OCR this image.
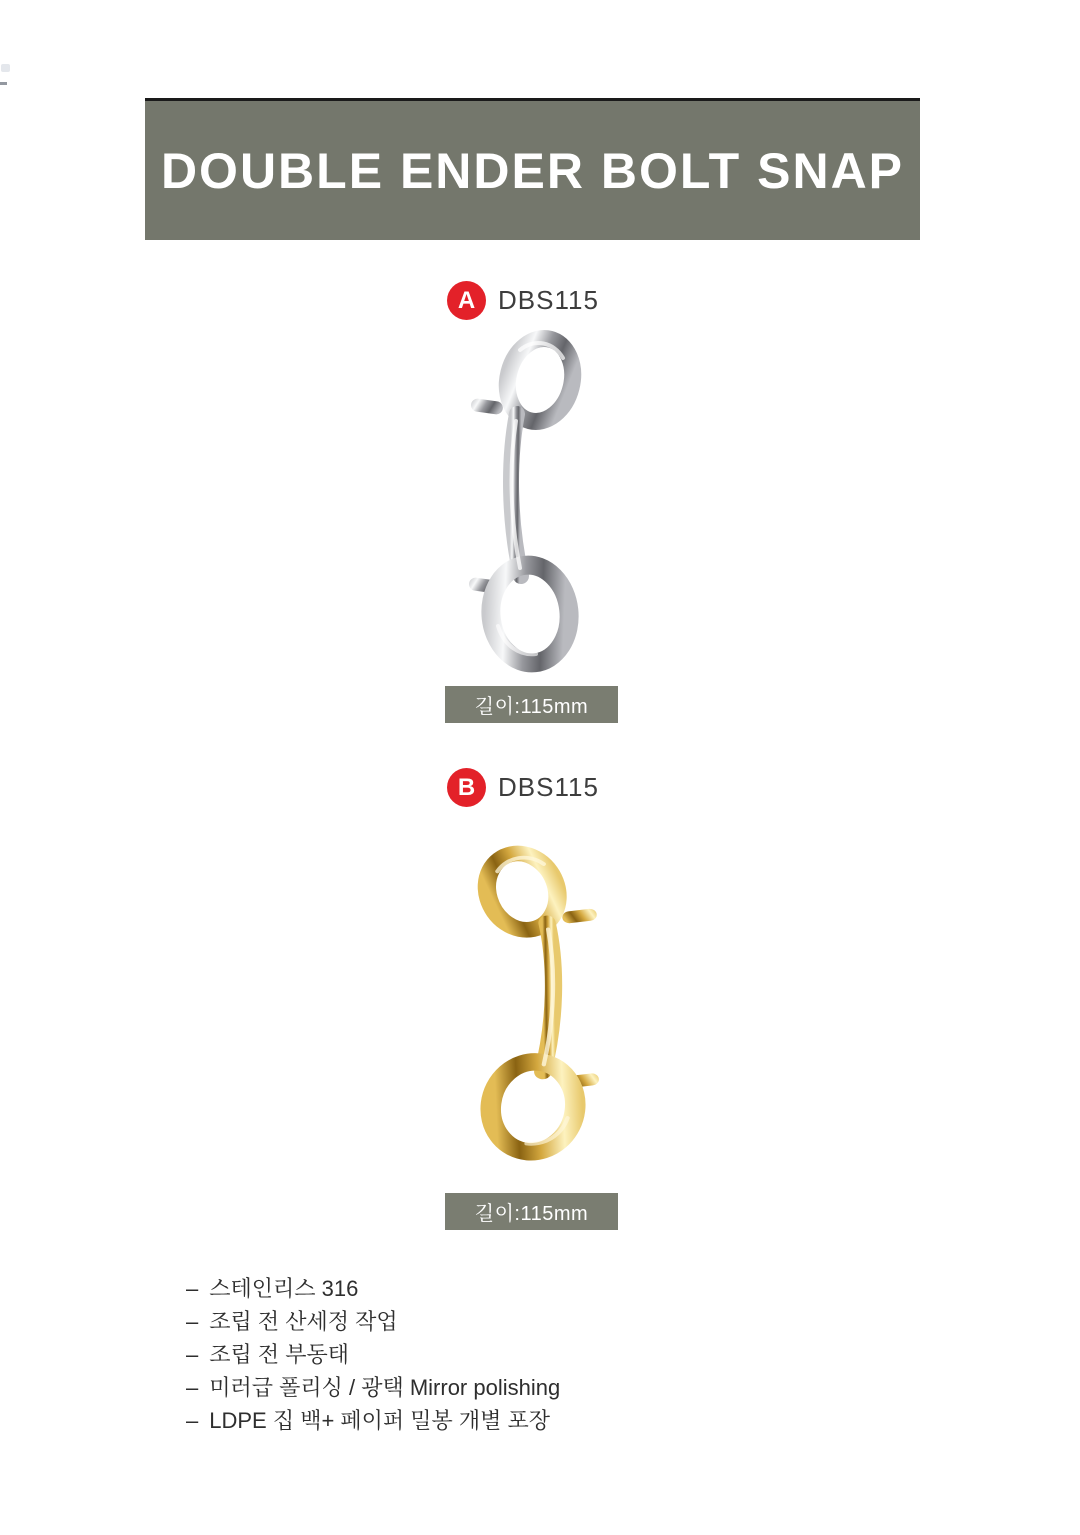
DOUBLE ENDER BOLT SNAP
A DBS115
길이:115mm
B DBS115
길이:115mm
– 스테인리스 316
– 조립 전 산세정 작업
– 조립 전 부동태
– 미러급 폴리싱 / 광택 Mirror polishing
– LDPE 집 백+ 페이퍼 밀봉 개별 포장
